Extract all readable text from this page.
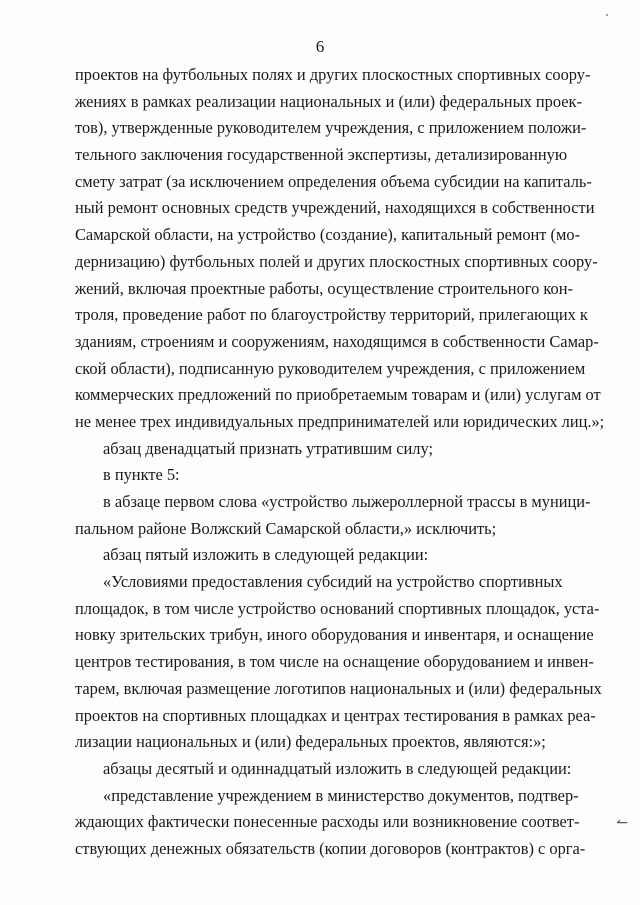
6
проектов на футбольных полях и других плоскостных спортивных соору-
жениях в рамках реализации национальных и (или) федеральных проек-
тов), утвержденные руководителем учреждения, с приложением положи-
тельного заключения государственной экспертизы, детализированную
смету затрат (за исключением определения объема субсидии на капиталь-
ный ремонт основных средств учреждений, находящихся в собственности
Самарской области, на устройство (создание), капитальный ремонт (мо-
дернизацию) футбольных полей и других плоскостных спортивных соору-
жений, включая проектные работы, осуществление строительного кон-
троля, проведение работ по благоустройству территорий, прилегающих к
зданиям, строениям и сооружениям, находящимся в собственности Самар-
ской области), подписанную руководителем учреждения, с приложением
коммерческих предложений по приобретаемым товарам и (или) услугам от
не менее трех индивидуальных предпринимателей или юридических лиц.»;
абзац двенадцатый признать утратившим силу;
в пункте 5:
в абзаце первом слова «устройство лыжероллерной трассы в муници-
пальном районе Волжский Самарской области,» исключить;
абзац пятый изложить в следующей редакции:
«Условиями предоставления субсидий на устройство спортивных
площадок, в том числе устройство оснований спортивных площадок, уста-
новку зрительских трибун, иного оборудования и инвентаря, и оснащение
центров тестирования, в том числе на оснащение оборудованием и инвен-
тарем, включая размещение логотипов национальных и (или) федеральных
проектов на спортивных площадках и центрах тестирования в рамках реа-
лизации национальных и (или) федеральных проектов, являются:»;
абзацы десятый и одиннадцатый изложить в следующей редакции:
«представление учреждением в министерство документов, подтвер-
ждающих фактически понесенные расходы или возникновение соответ-
ствующих денежных обязательств (копии договоров (контрактов) с орга-
↼
